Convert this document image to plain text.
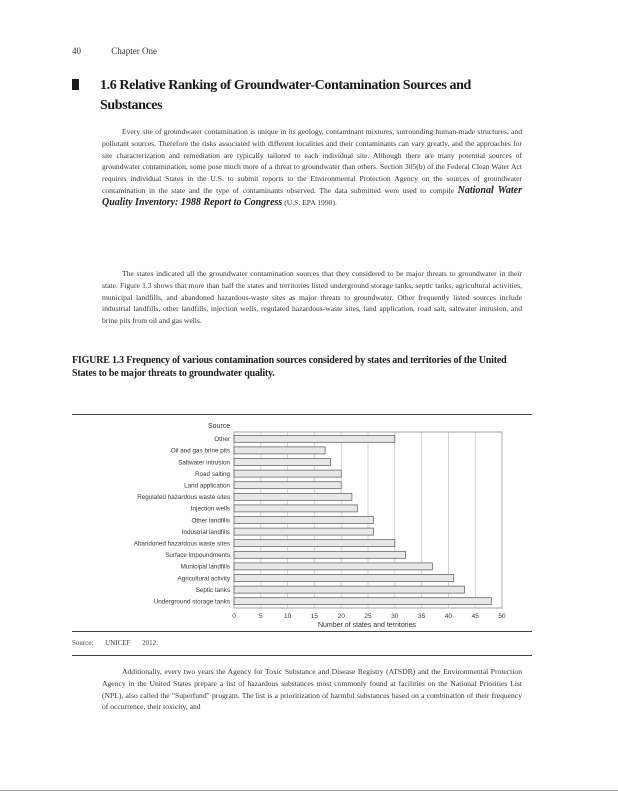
40	Chapter One
1.6 Relative Ranking of Groundwater-Contamination Sources and Substances
Every site of groundwater contamination is unique in its geology, contaminant mixtures, surrounding human-made structures, and pollutant sources. Therefore the risks associated with different localities and their contaminants can vary greatly, and the approaches for site characterization and remediation are typically tailored to each individual site. Although there are many potential sources of groundwater contamination, some pose much more of a threat to groundwater than others. Section 305(b) of the Federal Clean Water Act requires individual States in the U.S. to submit reports to the Environmental Protection Agency on the sources of groundwater contamination in the state and the type of contaminants observed. The data submitted were used to compile National Water Quality Inventory: 1988 Report to Congress (U.S. EPA 1990).
The states indicated all the groundwater contamination sources that they considered to be major threats to groundwater in their state. Figure 1.3 shows that more than half the states and territories listed underground storage tanks, septic tanks, agricultural activities, municipal landfills, and abandoned hazardous-waste sites as major threats to groundwater. Other frequently listed sources include industrial landfills, other landfills, injection wells, regulated hazardous-waste sites, land application, road salt, saltwater intrusion, and brine pits from oil and gas wells.
FIGURE 1.3 Frequency of various contamination sources considered by states and territories of the United States to be major threats to groundwater quality.
Other
Oil and gas brine pits
Saltwater intrusion
Road salting
Land application
Regulated hazardous waste sites
Injection wells
Other landfills
Industrial landfills
Abandoned hazardous waste sites
Surface impoundments
Municipal landfills
Agricultural activity
Septic tanks
Underground storage tanks
0	5	10	15	20	25	30	35	40	45	50
Source
Number of states and territories
Source: UNICEF 2012.
Additionally, every two years the Agency for Toxic Substance and Disease Registry (ATSDR) and the Environmental Protection Agency in the United States prepare a list of hazardous substances most commonly found at facilities on the National Priorities List (NPL), also called the "Superfund" program. The list is a prioritization of harmful substances based on a combination of their frequency of occurrence, their toxicity, and
